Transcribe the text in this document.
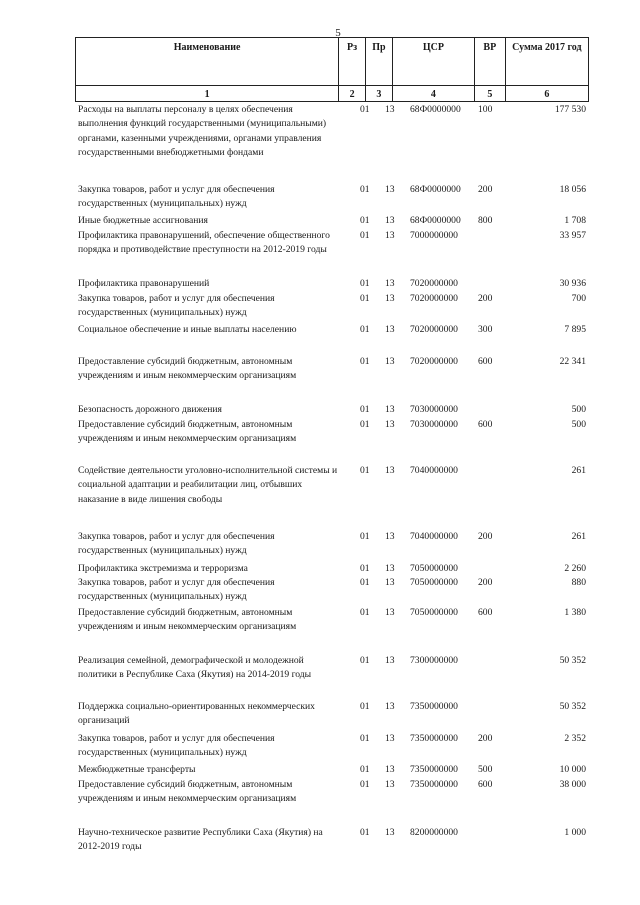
5
Наименование	Рз	Пр	ЦСР	ВР	Сумма 2017 год
1	2	3	4	5	6
Расходы на выплаты персоналу в целях обеспечения выполнения функций государственными (муниципальными) органами, казенными учреждениями, органами управления государственными внебюджетными фондами
01 13 68Ф0000000 100	177 530
Закупка товаров, работ и услуг для обеспечения государственных (муниципальных) нужд
01 13 68Ф0000000 200	18 056
Иные бюджетные ассигнования	01 13 68Ф0000000 800	1 708
Профилактика правонарушений, обеспечение общественного порядка и противодействие преступности на 2012-2019 годы
01 13 7000000000	33 957
Профилактика правонарушений	01 13 7020000000	30 936
Закупка товаров, работ и услуг для обеспечения государственных (муниципальных) нужд
01 13 7020000000 200	700
Социальное обеспечение и иные выплаты населению	01 13 7020000000 300	7 895
Предоставление субсидий бюджетным, автономным учреждениям и иным некоммерческим организациям
01 13 7020000000 600	22 341
Безопасность дорожного движения	01 13 7030000000	500
Предоставление субсидий бюджетным, автономным учреждениям и иным некоммерческим организациям
01 13 7030000000 600	500
Содействие деятельности уголовно-исполнительной системы и социальной адаптации и реабилитации лиц, отбывших наказание в виде лишения свободы
01 13 7040000000	261
Закупка товаров, работ и услуг для обеспечения государственных (муниципальных) нужд
01 13 7040000000 200	261
Профилактика экстремизма и терроризма	01 13 7050000000	2 260
Закупка товаров, работ и услуг для обеспечения государственных (муниципальных) нужд
01 13 7050000000 200	880
Предоставление субсидий бюджетным, автономным учреждениям и иным некоммерческим организациям
01 13 7050000000 600	1 380
Реализация семейной, демографической и молодежной политики в Республике Саха (Якутия) на 2014-2019 годы
01 13 7300000000	50 352
Поддержка социально-ориентированных некоммерческих организаций
01 13 7350000000	50 352
Закупка товаров, работ и услуг для обеспечения государственных (муниципальных) нужд
01 13 7350000000 200	2 352
Межбюджетные трансферты	01 13 7350000000 500	10 000
Предоставление субсидий бюджетным, автономным учреждениям и иным некоммерческим организациям
01 13 7350000000 600	38 000
Научно-техническое развитие Республики Саха (Якутия) на 2012-2019 годы
01 13 8200000000	1 000
